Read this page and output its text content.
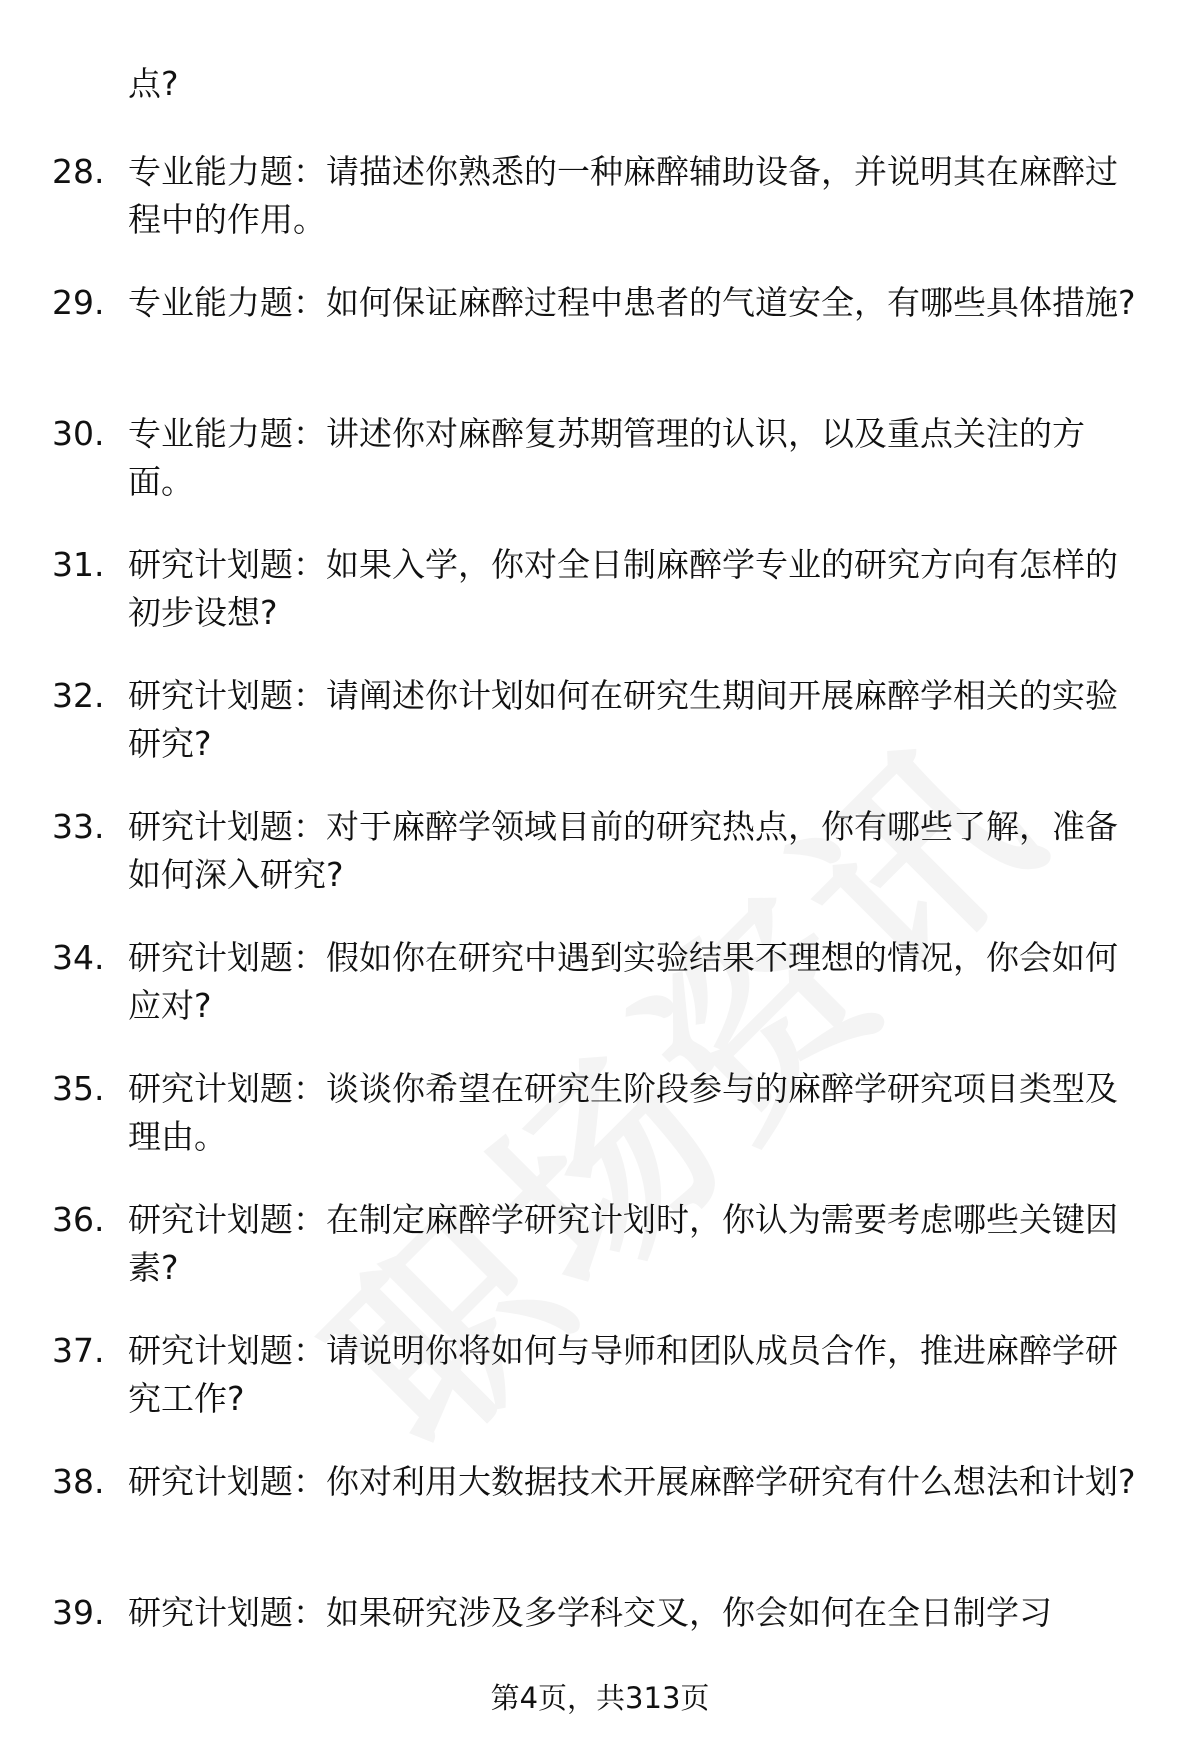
点?
28. 专业能力题：请描述你熟悉的一种麻醉辅助设备，并说明其在麻醉过程中的作用。
29. 专业能力题：如何保证麻醉过程中患者的气道安全，有哪些具体措施?
30. 专业能力题：讲述你对麻醉复苏期管理的认识，以及重点关注的方面。
31. 研究计划题：如果入学，你对全日制麻醉学专业的研究方向有怎样的初步设想?
32. 研究计划题：请阐述你计划如何在研究生期间开展麻醉学相关的实验研究?
33. 研究计划题：对于麻醉学领域目前的研究热点，你有哪些了解，准备如何深入研究?
34. 研究计划题：假如你在研究中遇到实验结果不理想的情况，你会如何应对?
35. 研究计划题：谈谈你希望在研究生阶段参与的麻醉学研究项目类型及理由。
36. 研究计划题：在制定麻醉学研究计划时，你认为需要考虑哪些关键因素?
37. 研究计划题：请说明你将如何与导师和团队成员合作，推进麻醉学研究工作?
38. 研究计划题：你对利用大数据技术开展麻醉学研究有什么想法和计划?
39. 研究计划题：如果研究涉及多学科交叉，你会如何在全日制学习
第4页，共313页
